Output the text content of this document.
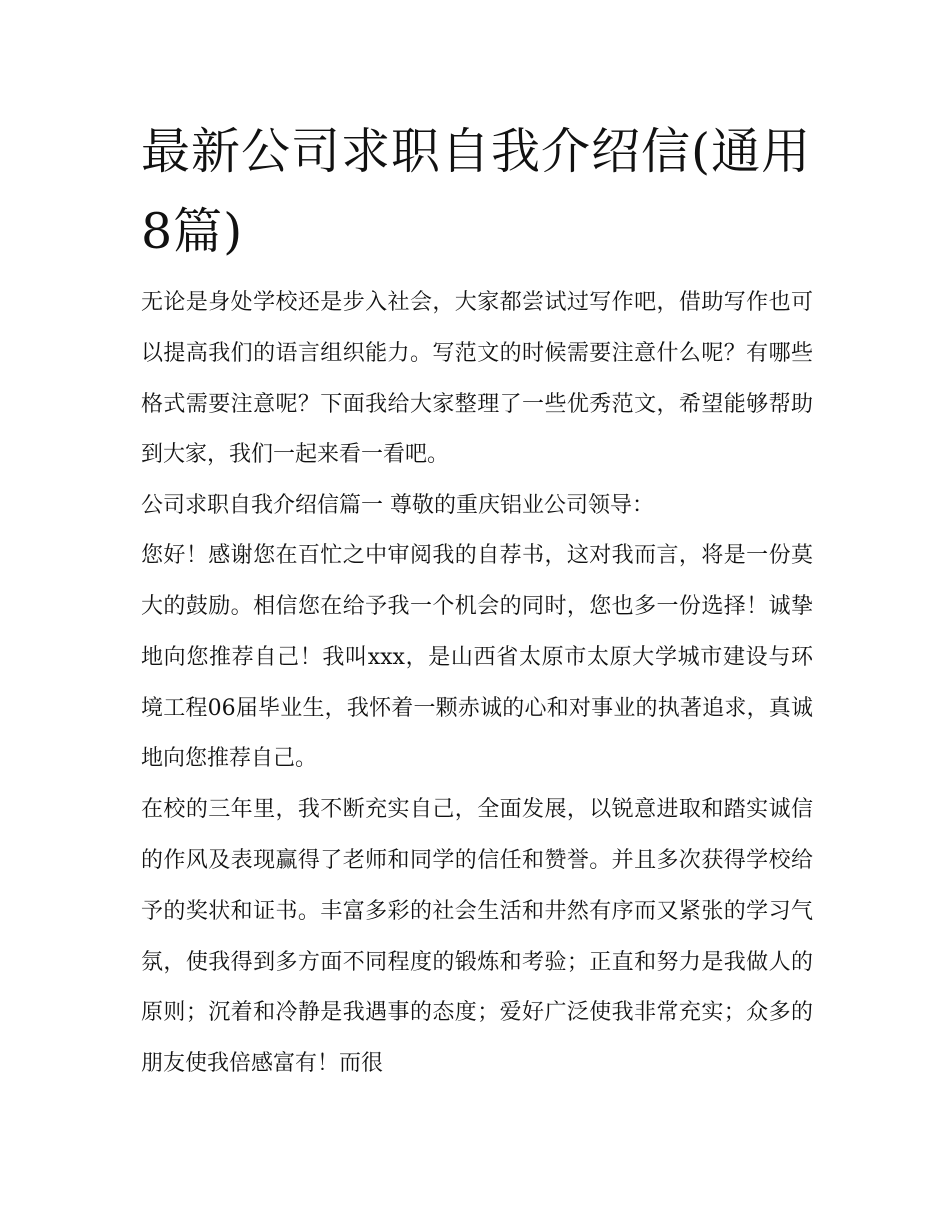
最新公司求职自我介绍信(通用8篇)

无论是身处学校还是步入社会，大家都尝试过写作吧，借助写作也可以提高我们的语言组织能力。写范文的时候需要注意什么呢？有哪些格式需要注意呢？下面我给大家整理了一些优秀范文，希望能够帮助到大家，我们一起来看一看吧。

公司求职自我介绍信篇一 尊敬的重庆铝业公司领导：

您好！感谢您在百忙之中审阅我的自荐书，这对我而言，将是一份莫大的鼓励。相信您在给予我一个机会的同时，您也多一份选择！诚挚地向您推荐自己！我叫xxx，是山西省太原市太原大学城市建设与环境工程06届毕业生，我怀着一颗赤诚的心和对事业的执著追求，真诚地向您推荐自己。

在校的三年里，我不断充实自己，全面发展，以锐意进取和踏实诚信的作风及表现赢得了老师和同学的信任和赞誉。并且多次获得学校给予的奖状和证书。丰富多彩的社会生活和井然有序而又紧张的学习气氛，使我得到多方面不同程度的锻炼和考验；正直和努力是我做人的原则；沉着和冷静是我遇事的态度；爱好广泛使我非常充实；众多的朋友使我倍感富有！而很
